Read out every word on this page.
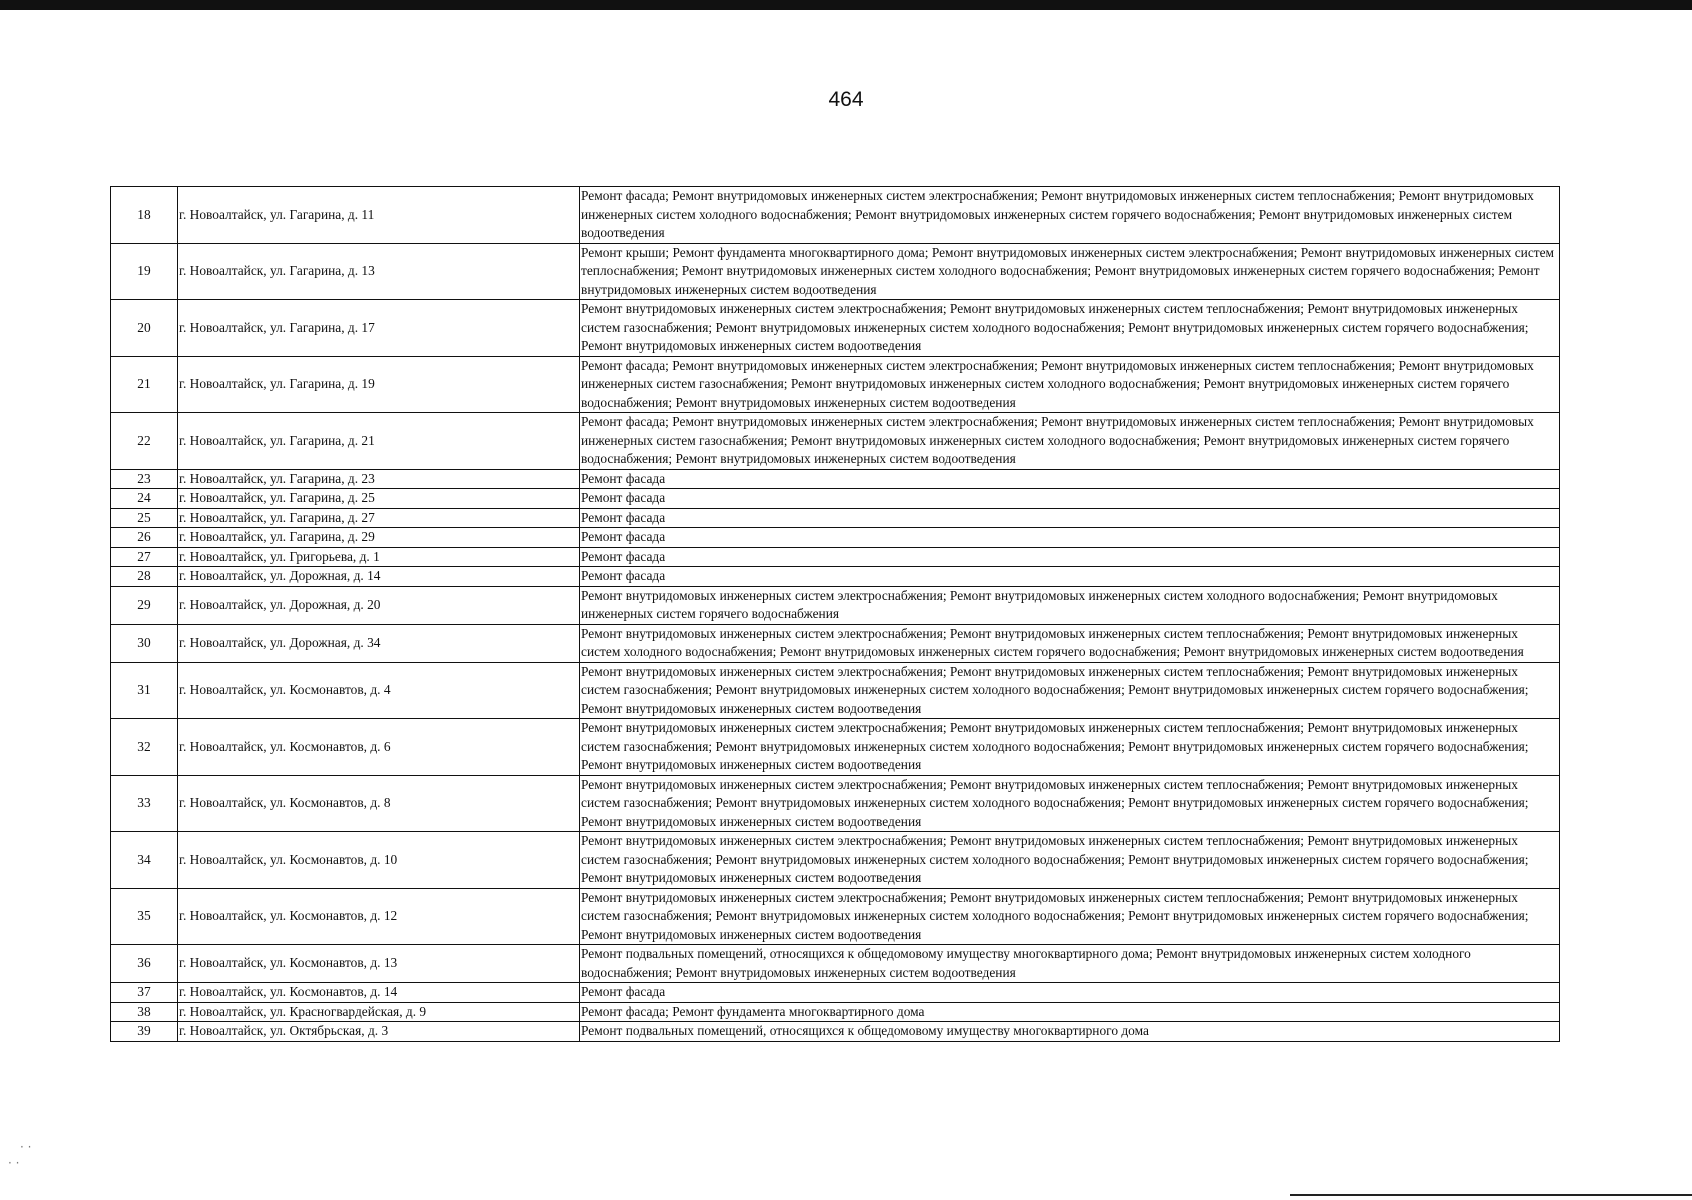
464
18	г. Новоалтайск, ул. Гагарина, д. 11	Ремонт фасада; Ремонт внутридомовых инженерных систем электроснабжения; Ремонт внутридомовых инженерных систем теплоснабжения; Ремонт внутридомовых инженерных систем холодного водоснабжения; Ремонт внутридомовых инженерных систем горячего водоснабжения; Ремонт внутридомовых инженерных систем водоотведения
19	г. Новоалтайск, ул. Гагарина, д. 13	Ремонт крыши; Ремонт фундамента многоквартирного дома; Ремонт внутридомовых инженерных систем электроснабжения; Ремонт внутридомовых инженерных систем теплоснабжения; Ремонт внутридомовых инженерных систем холодного водоснабжения; Ремонт внутридомовых инженерных систем горячего водоснабжения; Ремонт внутридомовых инженерных систем водоотведения
20	г. Новоалтайск, ул. Гагарина, д. 17	Ремонт внутридомовых инженерных систем электроснабжения; Ремонт внутридомовых инженерных систем теплоснабжения; Ремонт внутридомовых инженерных систем газоснабжения; Ремонт внутридомовых инженерных систем холодного водоснабжения; Ремонт внутридомовых инженерных систем горячего водоснабжения; Ремонт внутридомовых инженерных систем водоотведения
21	г. Новоалтайск, ул. Гагарина, д. 19	Ремонт фасада; Ремонт внутридомовых инженерных систем электроснабжения; Ремонт внутридомовых инженерных систем теплоснабжения; Ремонт внутридомовых инженерных систем газоснабжения; Ремонт внутридомовых инженерных систем холодного водоснабжения; Ремонт внутридомовых инженерных систем горячего водоснабжения; Ремонт внутридомовых инженерных систем водоотведения
22	г. Новоалтайск, ул. Гагарина, д. 21	Ремонт фасада; Ремонт внутридомовых инженерных систем электроснабжения; Ремонт внутридомовых инженерных систем теплоснабжения; Ремонт внутридомовых инженерных систем газоснабжения; Ремонт внутридомовых инженерных систем холодного водоснабжения; Ремонт внутридомовых инженерных систем горячего водоснабжения; Ремонт внутридомовых инженерных систем водоотведения
23	г. Новоалтайск, ул. Гагарина, д. 23	Ремонт фасада
24	г. Новоалтайск, ул. Гагарина, д. 25	Ремонт фасада
25	г. Новоалтайск, ул. Гагарина, д. 27	Ремонт фасада
26	г. Новоалтайск, ул. Гагарина, д. 29	Ремонт фасада
27	г. Новоалтайск, ул. Григорьева, д. 1	Ремонт фасада
28	г. Новоалтайск, ул. Дорожная, д. 14	Ремонт фасада
29	г. Новоалтайск, ул. Дорожная, д. 20	Ремонт внутридомовых инженерных систем электроснабжения; Ремонт внутридомовых инженерных систем холодного водоснабжения; Ремонт внутридомовых инженерных систем горячего водоснабжения
30	г. Новоалтайск, ул. Дорожная, д. 34	Ремонт внутридомовых инженерных систем электроснабжения; Ремонт внутридомовых инженерных систем теплоснабжения; Ремонт внутридомовых инженерных систем холодного водоснабжения; Ремонт внутридомовых инженерных систем горячего водоснабжения; Ремонт внутридомовых инженерных систем водоотведения
31	г. Новоалтайск, ул. Космонавтов, д. 4	Ремонт внутридомовых инженерных систем электроснабжения; Ремонт внутридомовых инженерных систем теплоснабжения; Ремонт внутридомовых инженерных систем газоснабжения; Ремонт внутридомовых инженерных систем холодного водоснабжения; Ремонт внутридомовых инженерных систем горячего водоснабжения; Ремонт внутридомовых инженерных систем водоотведения
32	г. Новоалтайск, ул. Космонавтов, д. 6	Ремонт внутридомовых инженерных систем электроснабжения; Ремонт внутридомовых инженерных систем теплоснабжения; Ремонт внутридомовых инженерных систем газоснабжения; Ремонт внутридомовых инженерных систем холодного водоснабжения; Ремонт внутридомовых инженерных систем горячего водоснабжения; Ремонт внутридомовых инженерных систем водоотведения
33	г. Новоалтайск, ул. Космонавтов, д. 8	Ремонт внутридомовых инженерных систем электроснабжения; Ремонт внутридомовых инженерных систем теплоснабжения; Ремонт внутридомовых инженерных систем газоснабжения; Ремонт внутридомовых инженерных систем холодного водоснабжения; Ремонт внутридомовых инженерных систем горячего водоснабжения; Ремонт внутридомовых инженерных систем водоотведения
34	г. Новоалтайск, ул. Космонавтов, д. 10	Ремонт внутридомовых инженерных систем электроснабжения; Ремонт внутридомовых инженерных систем теплоснабжения; Ремонт внутридомовых инженерных систем газоснабжения; Ремонт внутридомовых инженерных систем холодного водоснабжения; Ремонт внутридомовых инженерных систем горячего водоснабжения; Ремонт внутридомовых инженерных систем водоотведения
35	г. Новоалтайск, ул. Космонавтов, д. 12	Ремонт внутридомовых инженерных систем электроснабжения; Ремонт внутридомовых инженерных систем теплоснабжения; Ремонт внутридомовых инженерных систем газоснабжения; Ремонт внутридомовых инженерных систем холодного водоснабжения; Ремонт внутридомовых инженерных систем горячего водоснабжения; Ремонт внутридомовых инженерных систем водоотведения
36	г. Новоалтайск, ул. Космонавтов, д. 13	Ремонт подвальных помещений, относящихся к общедомовому имуществу многоквартирного дома; Ремонт внутридомовых инженерных систем холодного водоснабжения; Ремонт внутридомовых инженерных систем водоотведения
37	г. Новоалтайск, ул. Космонавтов, д. 14	Ремонт фасада
38	г. Новоалтайск, ул. Красногвардейская, д. 9	Ремонт фасада; Ремонт фундамента многоквартирного дома
39	г. Новоалтайск, ул. Октябрьская, д. 3	Ремонт подвальных помещений, относящихся к общедомовому имуществу многоквартирного дома
· ·
· ·
